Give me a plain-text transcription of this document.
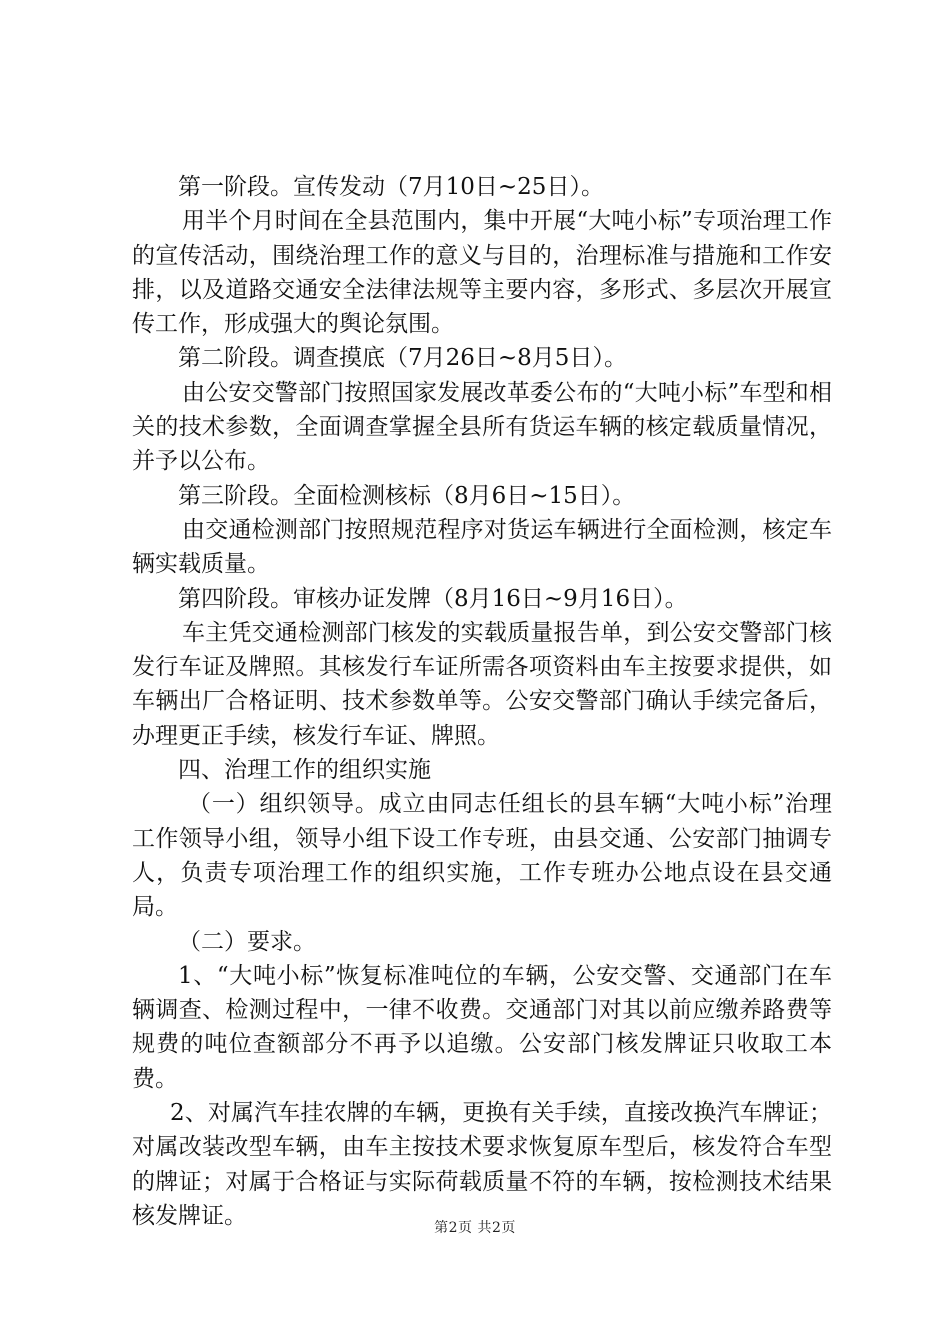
第一阶段。宣传发动（7月10日~25日）。

用半个月时间在全县范围内，集中开展“大吨小标”专项治理工作的宣传活动，围绕治理工作的意义与目的，治理标准与措施和工作安排，以及道路交通安全法律法规等主要内容，多形式、多层次开展宣传工作，形成强大的舆论氛围。

第二阶段。调查摸底（7月26日~8月5日）。

由公安交警部门按照国家发展改革委公布的“大吨小标”车型和相关的技术参数，全面调查掌握全县所有货运车辆的核定载质量情况，并予以公布。

第三阶段。全面检测核标（8月6日~15日）。

由交通检测部门按照规范程序对货运车辆进行全面检测，核定车辆实载质量。

第四阶段。审核办证发牌（8月16日~9月16日）。

车主凭交通检测部门核发的实载质量报告单，到公安交警部门核发行车证及牌照。其核发行车证所需各项资料由车主按要求提供，如车辆出厂合格证明、技术参数单等。公安交警部门确认手续完备后，办理更正手续，核发行车证、牌照。

四、治理工作的组织实施

（一）组织领导。成立由同志任组长的县车辆“大吨小标”治理工作领导小组，领导小组下设工作专班，由县交通、公安部门抽调专人，负责专项治理工作的组织实施，工作专班办公地点设在县交通局。

（二）要求。

1、“大吨小标”恢复标准吨位的车辆，公安交警、交通部门在车辆调查、检测过程中，一律不收费。交通部门对其以前应缴养路费等规费的吨位查额部分不再予以追缴。公安部门核发牌证只收取工本费。

2、对属汽车挂农牌的车辆，更换有关手续，直接改换汽车牌证；对属改装改型车辆，由车主按技术要求恢复原车型后，核发符合车型的牌证；对属于合格证与实际荷载质量不符的车辆，按检测技术结果核发牌证。	第2页 共2页
